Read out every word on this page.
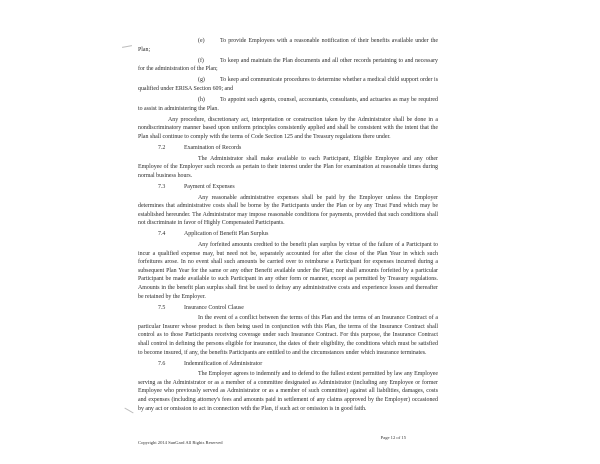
(e)	To provide Employees with a reasonable notification of their benefits available under the Plan;

(f)	To keep and maintain the Plan documents and all other records pertaining to and necessary for the administration of the Plan;

(g)	To keep and communicate procedures to determine whether a medical child support order is qualified under ERISA Section 609; and

(h)	To appoint such agents, counsel, accountants, consultants, and actuaries as may be required to assist in administering the Plan.

Any procedure, discretionary act, interpretation or construction taken by the Administrator shall be done in a nondiscriminatory manner based upon uniform principles consistently applied and shall be consistent with the intent that the Plan shall continue to comply with the terms of Code Section 125 and the Treasury regulations there under.

7.2	Examination of Records

The Administrator shall make available to each Participant, Eligible Employee and any other Employee of the Employer such records as pertain to their interest under the Plan for examination at reasonable times during normal business hours.

7.3	Payment of Expenses

Any reasonable administrative expenses shall be paid by the Employer unless the Employer determines that administrative costs shall be borne by the Participants under the Plan or by any Trust Fund which may be established hereunder. The Administrator may impose reasonable conditions for payments, provided that such conditions shall not discriminate in favor of Highly Compensated Participants.

7.4	Application of Benefit Plan Surplus

Any forfeited amounts credited to the benefit plan surplus by virtue of the failure of a Participant to incur a qualified expense may, but need not be, separately accounted for after the close of the Plan Year in which such forfeitures arose. In no event shall such amounts be carried over to reimburse a Participant for expenses incurred during a subsequent Plan Year for the same or any other Benefit available under the Plan; nor shall amounts forfeited by a particular Participant be made available to such Participant in any other form or manner, except as permitted by Treasury regulations. Amounts in the benefit plan surplus shall first be used to defray any administrative costs and experience losses and thereafter be retained by the Employer.

7.5	Insurance Control Clause

In the event of a conflict between the terms of this Plan and the terms of an Insurance Contract of a particular Insurer whose product is then being used in conjunction with this Plan, the terms of the Insurance Contract shall control as to those Participants receiving coverage under such Insurance Contract. For this purpose, the Insurance Contract shall control in defining the persons eligible for insurance, the dates of their eligibility, the conditions which must be satisfied to become insured, if any, the benefits Participants are entitled to and the circumstances under which insurance terminates.

7.6	Indemnification of Administrator

The Employer agrees to indemnify and to defend to the fullest extent permitted by law any Employee serving as the Administrator or as a member of a committee designated as Administrator (including any Employee or former Employee who previously served as Administrator or as a member of such committee) against all liabilities, damages, costs and expenses (including attorney's fees and amounts paid in settlement of any claims approved by the Employer) occasioned by any act or omission to act in connection with the Plan, if such act or omission is in good faith.

Copyright 2014 SunGard All Rights Reserved
Page 12 of 15
